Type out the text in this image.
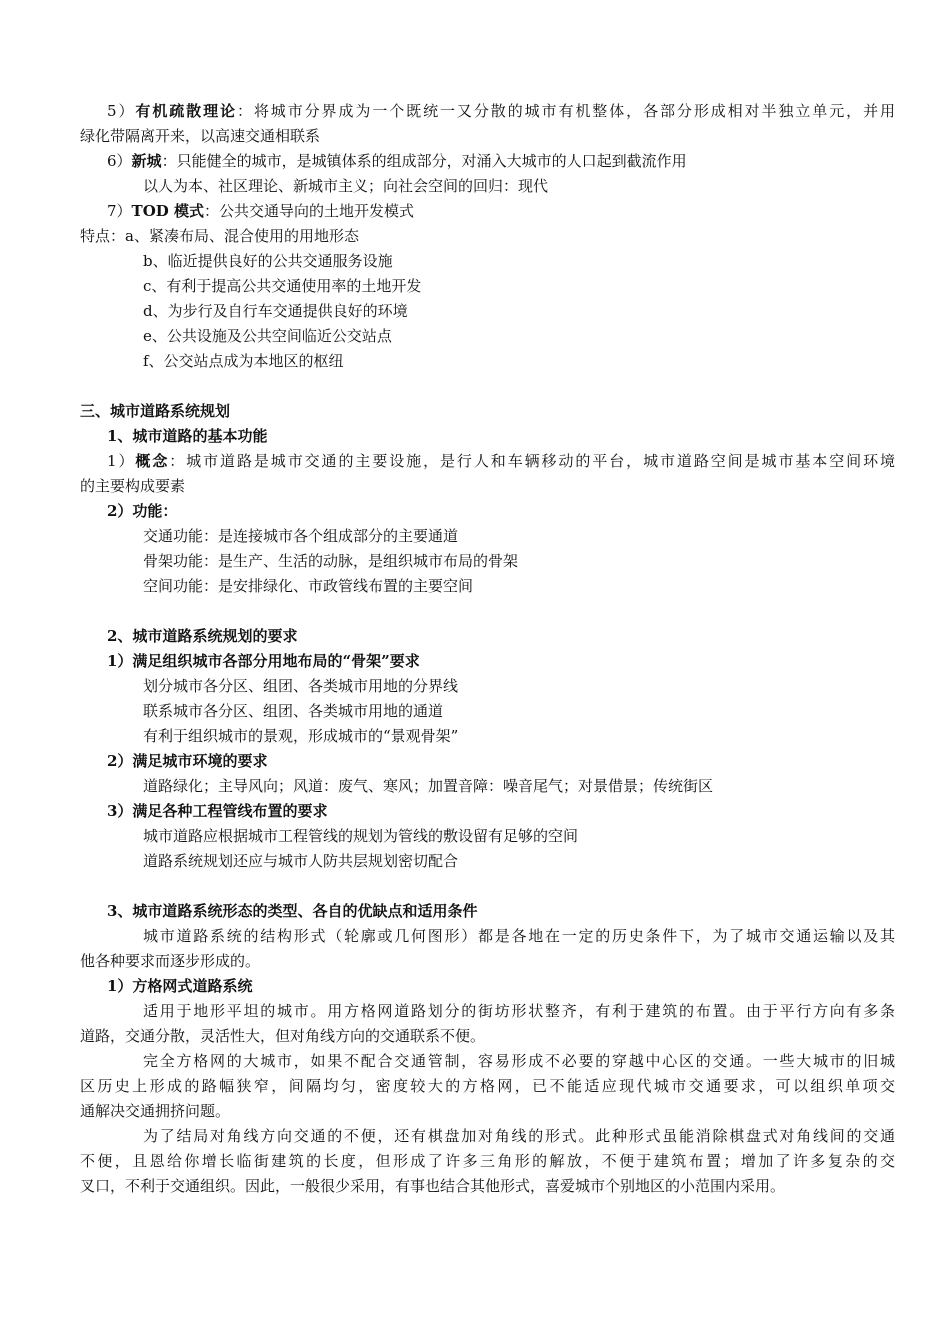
5）有机疏散理论：将城市分界成为一个既统一又分散的城市有机整体，各部分形成相对半独立单元，并用
绿化带隔离开来，以高速交通相联系
6）新城：只能健全的城市，是城镇体系的组成部分，对涌入大城市的人口起到截流作用
以人为本、社区理论、新城市主义；向社会空间的回归：现代
7）TOD 模式：公共交通导向的土地开发模式
特点：a、紧凑布局、混合使用的用地形态
b、临近提供良好的公共交通服务设施
c、有利于提高公共交通使用率的土地开发
d、为步行及自行车交通提供良好的环境
e、公共设施及公共空间临近公交站点
f、公交站点成为本地区的枢纽
三、城市道路系统规划
1、城市道路的基本功能
1）概念：城市道路是城市交通的主要设施，是行人和车辆移动的平台，城市道路空间是城市基本空间环境
的主要构成要素
2）功能：
交通功能：是连接城市各个组成部分的主要通道
骨架功能：是生产、生活的动脉，是组织城市布局的骨架
空间功能：是安排绿化、市政管线布置的主要空间
2、城市道路系统规划的要求
1）满足组织城市各部分用地布局的“骨架”要求
划分城市各分区、组团、各类城市用地的分界线
联系城市各分区、组团、各类城市用地的通道
有利于组织城市的景观，形成城市的“景观骨架”
2）满足城市环境的要求
道路绿化；主导风向；风道：废气、寒风；加置音障：噪音尾气；对景借景；传统街区
3）满足各种工程管线布置的要求
城市道路应根据城市工程管线的规划为管线的敷设留有足够的空间
道路系统规划还应与城市人防共层规划密切配合
3、城市道路系统形态的类型、各自的优缺点和适用条件
城市道路系统的结构形式（轮廓或几何图形）都是各地在一定的历史条件下，为了城市交通运输以及其
他各种要求而逐步形成的。
1）方格网式道路系统
适用于地形平坦的城市。用方格网道路划分的街坊形状整齐，有利于建筑的布置。由于平行方向有多条
道路，交通分散，灵活性大，但对角线方向的交通联系不便。
完全方格网的大城市，如果不配合交通管制，容易形成不必要的穿越中心区的交通。一些大城市的旧城
区历史上形成的路幅狭窄，间隔均匀，密度较大的方格网，已不能适应现代城市交通要求，可以组织单项交
通解决交通拥挤问题。
为了结局对角线方向交通的不便，还有棋盘加对角线的形式。此种形式虽能消除棋盘式对角线间的交通
不便，且恩给你增长临街建筑的长度，但形成了许多三角形的解放，不便于建筑布置；增加了许多复杂的交
叉口，不利于交通组织。因此，一般很少采用，有事也结合其他形式，喜爱城市个别地区的小范围内采用。
